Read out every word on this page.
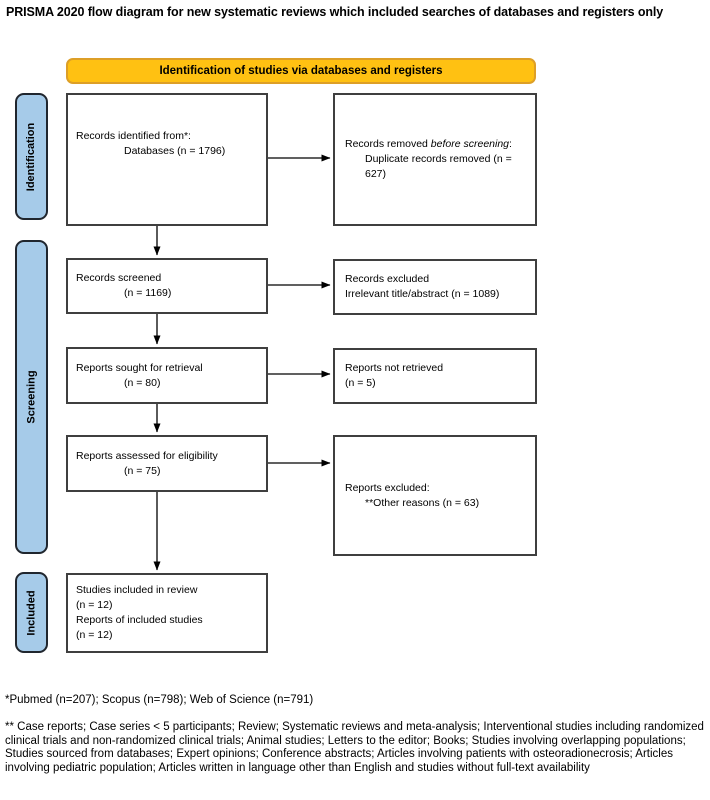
PRISMA 2020 flow diagram for new systematic reviews which included searches of databases and registers only
Identification of studies via databases and registers
Identification
Screening
Included
Records identified from*:
Databases (n = 1796)
Records removed before screening:
Duplicate records removed (n = 627)
Records screened
(n = 1169)
Records excluded
Irrelevant title/abstract (n = 1089)
Reports sought for retrieval
(n = 80)
Reports not retrieved
(n = 5)
Reports assessed for eligibility
(n = 75)
Reports excluded:
**Other reasons (n = 63)
Studies included in review
(n = 12)
Reports of included studies
(n = 12)
*Pubmed (n=207); Scopus (n=798); Web of Science (n=791)
** Case reports; Case series < 5 participants; Review; Systematic reviews and meta-analysis; Interventional studies including randomized clinical trials and non-randomized clinical trials; Animal studies; Letters to the editor; Books; Studies involving overlapping populations; Studies sourced from databases; Expert opinions; Conference abstracts; Articles involving patients with osteoradionecrosis; Articles involving pediatric population; Articles written in language other than English and studies without full-text availability
